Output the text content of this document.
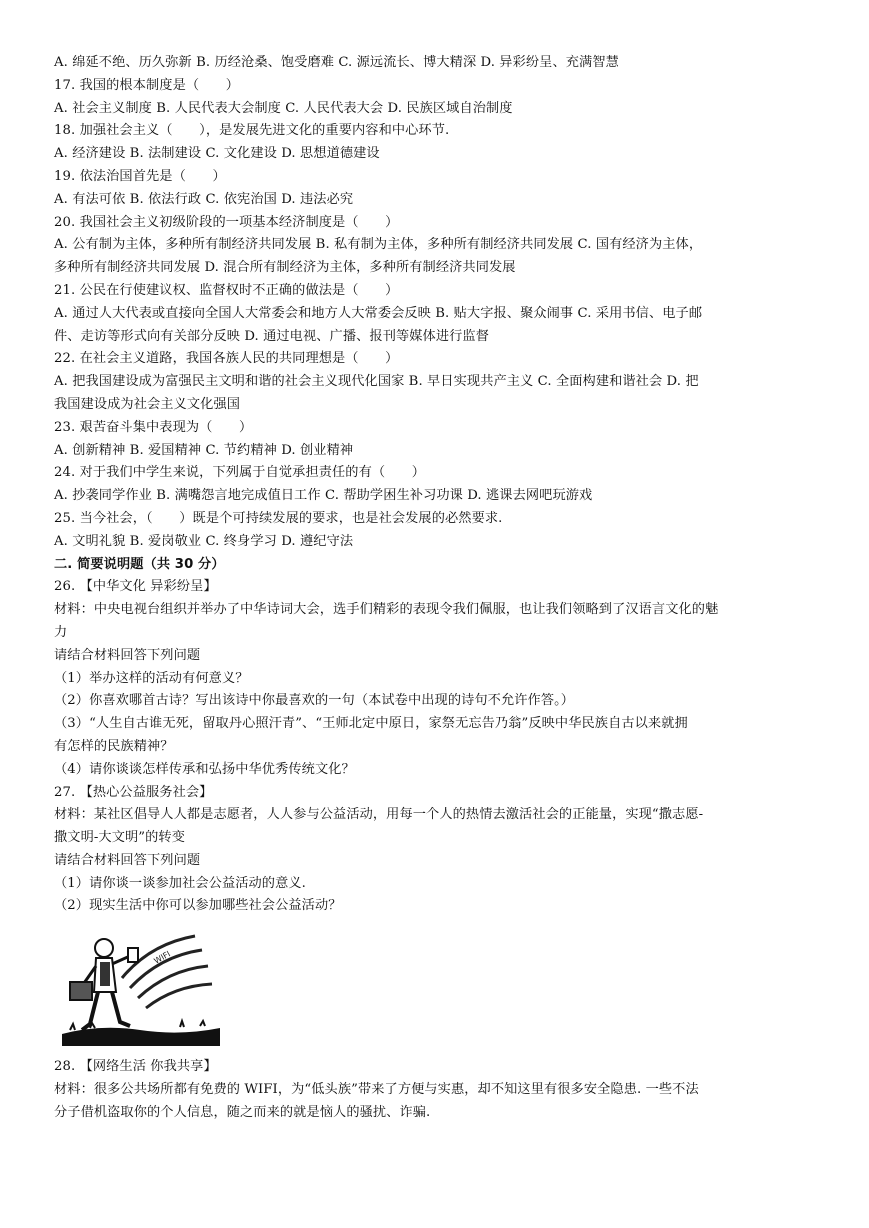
A. 绵延不绝、历久弥新 B. 历经沧桑、饱受磨难 C. 源远流长、博大精深 D. 异彩纷呈、充满智慧
17. 我国的根本制度是（　　）
A. 社会主义制度 B. 人民代表大会制度 C. 人民代表大会 D. 民族区域自治制度
18. 加强社会主义（　　），是发展先进文化的重要内容和中心环节.
A. 经济建设 B. 法制建设 C. 文化建设 D. 思想道德建设
19. 依法治国首先是（　　）
A. 有法可依 B. 依法行政 C. 依宪治国 D. 违法必究
20. 我国社会主义初级阶段的一项基本经济制度是（　　）
A. 公有制为主体，多种所有制经济共同发展 B. 私有制为主体，多种所有制经济共同发展 C. 国有经济为主体，
多种所有制经济共同发展 D. 混合所有制经济为主体，多种所有制经济共同发展
21. 公民在行使建议权、监督权时不正确的做法是（　　）
A. 通过人大代表或直接向全国人大常委会和地方人大常委会反映 B. 贴大字报、聚众闹事 C. 采用书信、电子邮
件、走访等形式向有关部分反映 D. 通过电视、广播、报刊等媒体进行监督
22. 在社会主义道路，我国各族人民的共同理想是（　　）
A. 把我国建设成为富强民主文明和谐的社会主义现代化国家 B. 早日实现共产主义 C. 全面构建和谐社会 D. 把
我国建设成为社会主义文化强国
23. 艰苦奋斗集中表现为（　　）
A. 创新精神 B. 爱国精神 C. 节约精神 D. 创业精神
24. 对于我们中学生来说，下列属于自觉承担责任的有（　　）
A. 抄袭同学作业 B. 满嘴怨言地完成值日工作 C. 帮助学困生补习功课 D. 逃课去网吧玩游戏
25. 当今社会，（　　）既是个可持续发展的要求，也是社会发展的必然要求.
A. 文明礼貌 B. 爱岗敬业 C. 终身学习 D. 遵纪守法
二. 简要说明题（共 30 分）
26. 【中华文化 异彩纷呈】
材料：中央电视台组织并举办了中华诗词大会，选手们精彩的表现令我们佩服，也让我们领略到了汉语言文化的魅
力
请结合材料回答下列问题
（1）举办这样的活动有何意义？
（2）你喜欢哪首古诗？写出该诗中你最喜欢的一句（本试卷中出现的诗句不允许作答。）
（3）“人生自古谁无死，留取丹心照汗青”、“王师北定中原日，家祭无忘告乃翁”反映中华民族自古以来就拥
有怎样的民族精神？
（4）请你谈谈怎样传承和弘扬中华优秀传统文化？
27. 【热心公益服务社会】
材料：某社区倡导人人都是志愿者，人人参与公益活动，用每一个人的热情去激活社会的正能量，实现“撒志愿-
撒文明-大文明”的转变
请结合材料回答下列问题
（1）请你谈一谈参加社会公益活动的意义.
（2）现实生活中你可以参加哪些社会公益活动？
WIFI
28. 【网络生活 你我共享】
材料：很多公共场所都有免费的 WIFI，为“低头族”带来了方便与实惠，却不知这里有很多安全隐患. 一些不法
分子借机盗取你的个人信息，随之而来的就是恼人的骚扰、诈骗.
